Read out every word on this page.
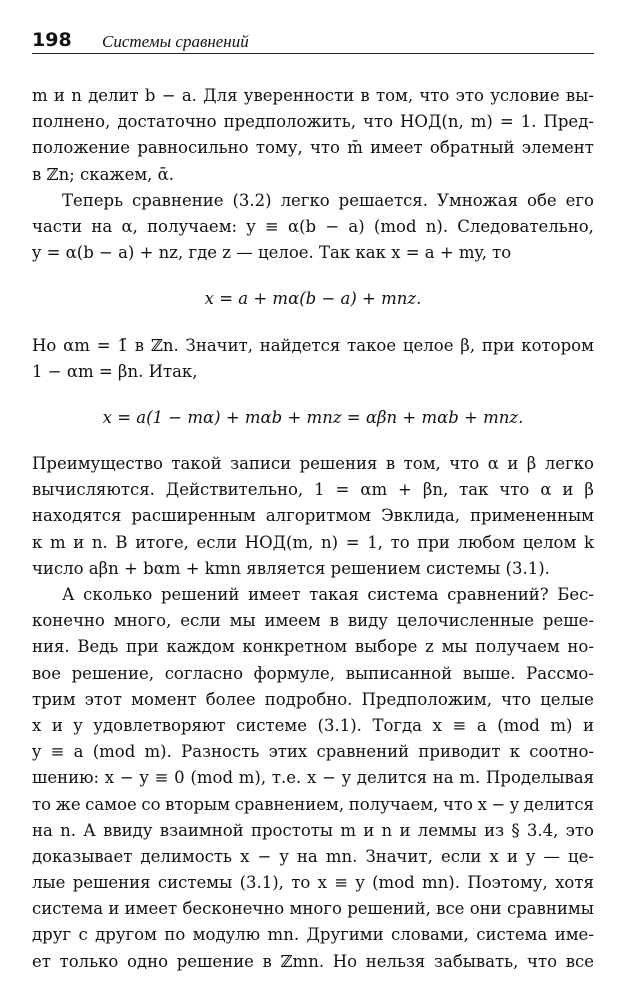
198 Системы сравнений
m и n делит b − a. Для уверенности в том, что это условие вы-
полнено, достаточно предположить, что НОД(n, m) = 1. Пред-
положение равносильно тому, что m̄ имеет обратный элемент
в ℤn; скажем, ᾱ.
Теперь сравнение (3.2) легко решается. Умножая обе его
части на α, получаем: y ≡ α(b − a) (mod n). Следовательно,
y = α(b − a) + nz, где z — целое. Так как x = a + my, то
x = a + mα(b − a) + mnz.
Но αm = 1̄ в ℤn. Значит, найдется такое целое β, при котором
1 − αm = βn. Итак,
x = a(1 − mα) + mαb + mnz = αβn + mαb + mnz.
Преимущество такой записи решения в том, что α и β легко
вычисляются. Действительно, 1 = αm + βn, так что α и β
находятся расширенным алгоритмом Эвклида, примененным
к m и n. В итоге, если НОД(m, n) = 1, то при любом целом k
число aβn + bαm + kmn является решением системы (3.1).
А сколько решений имеет такая система сравнений? Бес-
конечно много, если мы имеем в виду целочисленные реше-
ния. Ведь при каждом конкретном выборе z мы получаем но-
вое решение, согласно формуле, выписанной выше. Рассмо-
трим этот момент более подробно. Предположим, что целые
x и y удовлетворяют системе (3.1). Тогда x ≡ a (mod m) и
y ≡ a (mod m). Разность этих сравнений приводит к соотно-
шению: x − y ≡ 0 (mod m), т.е. x − y делится на m. Проделывая
то же самое со вторым сравнением, получаем, что x − y делится
на n. А ввиду взаимной простоты m и n и леммы из § 3.4, это
доказывает делимость x − y на mn. Значит, если x и y — це-
лые решения системы (3.1), то x ≡ y (mod mn). Поэтому, хотя
система и имеет бесконечно много решений, все они сравнимы
друг с другом по модулю mn. Другими словами, система име-
ет только одно решение в ℤmn. Но нельзя забывать, что все
